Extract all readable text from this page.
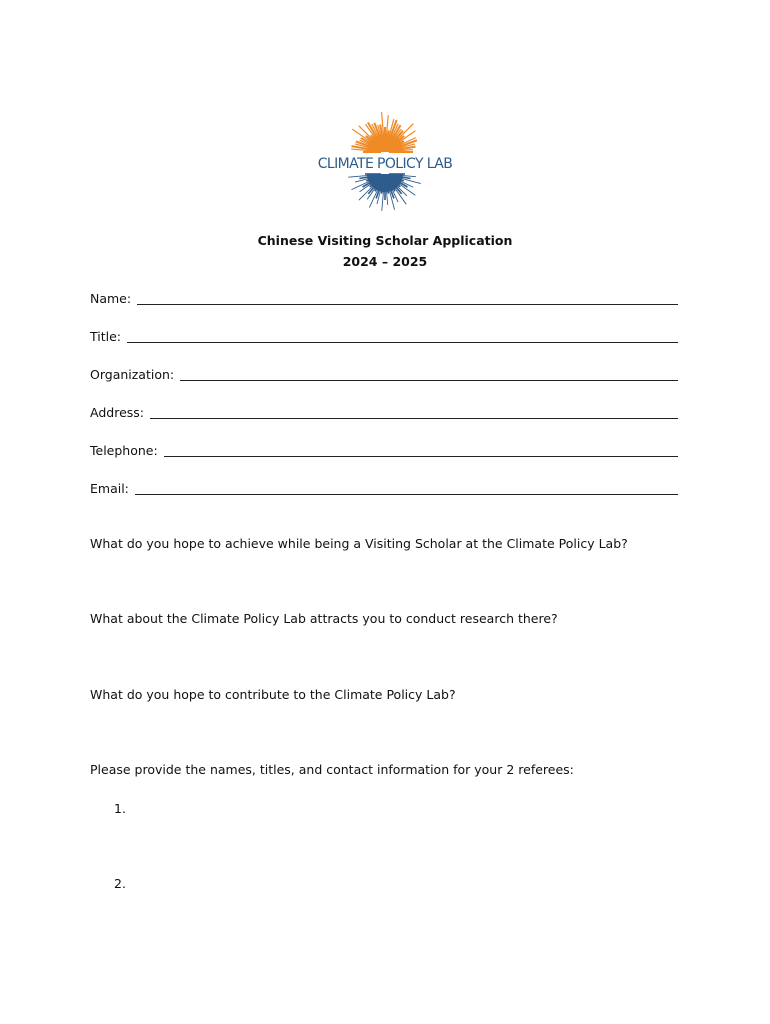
CLIMATE POLICY LAB
Chinese Visiting Scholar Application
2024 – 2025
Name:
Title:
Organization:
Address:
Telephone:
Email:
What do you hope to achieve while being a Visiting Scholar at the Climate Policy Lab?
What about the Climate Policy Lab attracts you to conduct research there?
What do you hope to contribute to the Climate Policy Lab?
Please provide the names, titles, and contact information for your 2 referees:
1.
2.
